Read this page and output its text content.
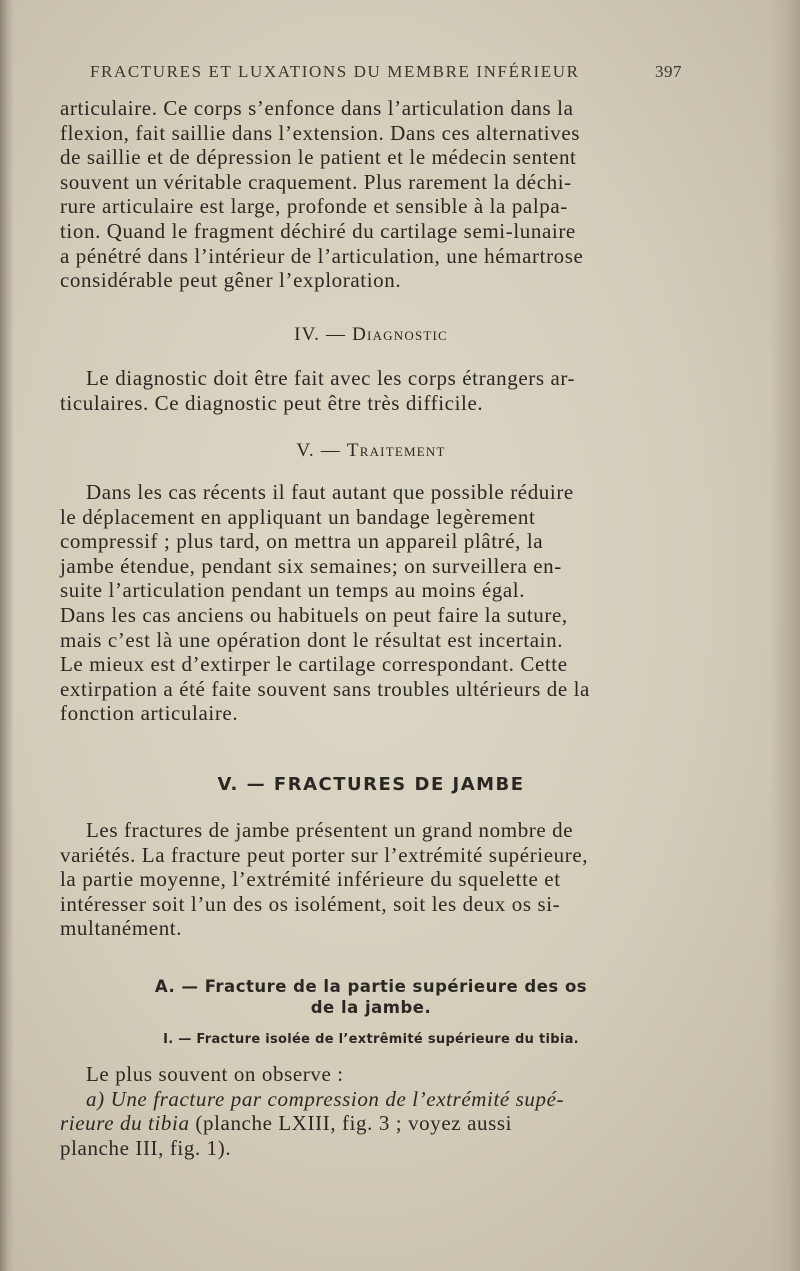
FRACTURES ET LUXATIONS DU MEMBRE INFÉRIEUR	397
articulaire. Ce corps s’enfonce dans l’articulation dans la
flexion, fait saillie dans l’extension. Dans ces alternatives
de saillie et de dépression le patient et le médecin sentent
souvent un véritable craquement. Plus rarement la déchi-
rure articulaire est large, profonde et sensible à la palpa-
tion. Quand le fragment déchiré du cartilage semi-lunaire
a pénétré dans l’intérieur de l’articulation, une hémartrose
considérable peut gêner l’exploration.
IV. — Diagnostic
Le diagnostic doit être fait avec les corps étrangers ar-
ticulaires. Ce diagnostic peut être très difficile.
V. — Traitement
Dans les cas récents il faut autant que possible réduire
le déplacement en appliquant un bandage legèrement
compressif ; plus tard, on mettra un appareil plâtré, la
jambe étendue, pendant six semaines; on surveillera en-
suite l’articulation pendant un temps au moins égal.
Dans les cas anciens ou habituels on peut faire la suture,
mais c’est là une opération dont le résultat est incertain.
Le mieux est d’extirper le cartilage correspondant. Cette
extirpation a été faite souvent sans troubles ultérieurs de la
fonction articulaire.
V. — FRACTURES DE JAMBE
Les fractures de jambe présentent un grand nombre de
variétés. La fracture peut porter sur l’extrémité supérieure,
la partie moyenne, l’extrémité inférieure du squelette et
intéresser soit l’un des os isolément, soit les deux os si-
multanément.
A. — Fracture de la partie supérieure des os
de la jambe.
I. — Fracture isolée de l’extrêmité supérieure du tibia.
Le plus souvent on observe :
a) Une fracture par compression de l’extrémité supé-
rieure du tibia (planche LXIII, fig. 3 ; voyez aussi
planche III, fig. 1).
